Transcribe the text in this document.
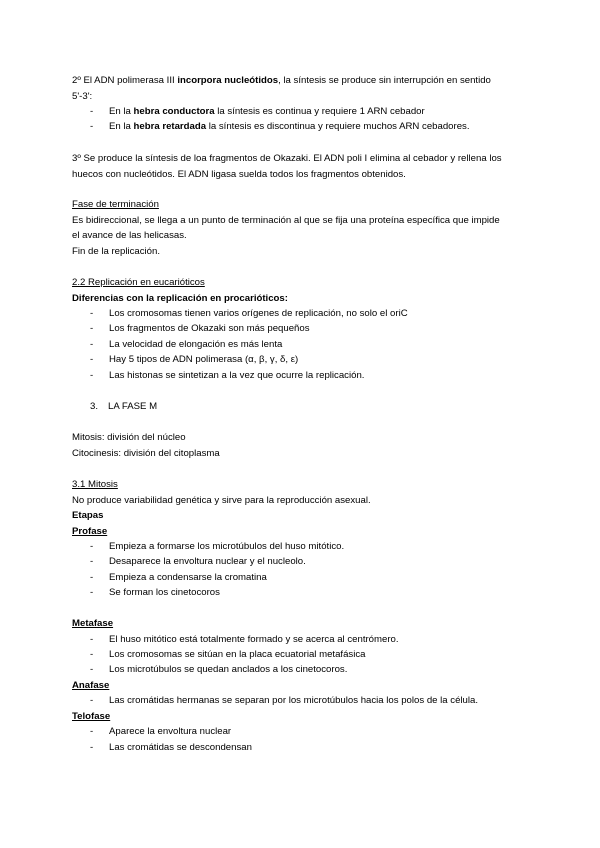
2º El ADN polimerasa III incorpora nucleótidos, la síntesis se produce sin interrupción en sentido

5'-3':

- En la hebra conductora la síntesis es continua y requiere 1 ARN cebador
- En la hebra retardada la síntesis es discontinua y requiere muchos ARN cebadores.

3º Se produce la síntesis de loa fragmentos de Okazaki. El ADN poli I elimina al cebador y rellena los

huecos con nucleótidos. El ADN ligasa suelda todos los fragmentos obtenidos.

Fase de terminación

Es bidireccional, se llega a un punto de terminación al que se fija una proteína específica que impide

el avance de las helicasas.

Fin de la replicación.

2.2 Replicación en eucarióticos

Diferencias con la replicación en procarióticos:

- Los cromosomas tienen varios orígenes de replicación, no solo el oriC
- Los fragmentos de Okazaki son más pequeños
- La velocidad de elongación es más lenta
- Hay 5 tipos de ADN polimerasa (α, β, γ, δ, ε)
- Las histonas se sintetizan a la vez que ocurre la replicación.

3. LA FASE M

Mitosis: división del núcleo

Citocinesis: división del citoplasma

3.1 Mitosis

No produce variabilidad genética y sirve para la reproducción asexual.

Etapas

Profase

- Empieza a formarse los microtúbulos del huso mitótico.
- Desaparece la envoltura nuclear y el nucleolo.
- Empieza a condensarse la cromatina
- Se forman los cinetocoros

Metafase

- El huso mitótico está totalmente formado y se acerca al centrómero.
- Los cromosomas se sitúan en la placa ecuatorial metafásica
- Los microtúbulos se quedan anclados a los cinetocoros.

Anafase

- Las cromátidas hermanas se separan por los microtúbulos hacia los polos de la célula.

Telofase

- Aparece la envoltura nuclear
- Las cromátidas se descondensan
